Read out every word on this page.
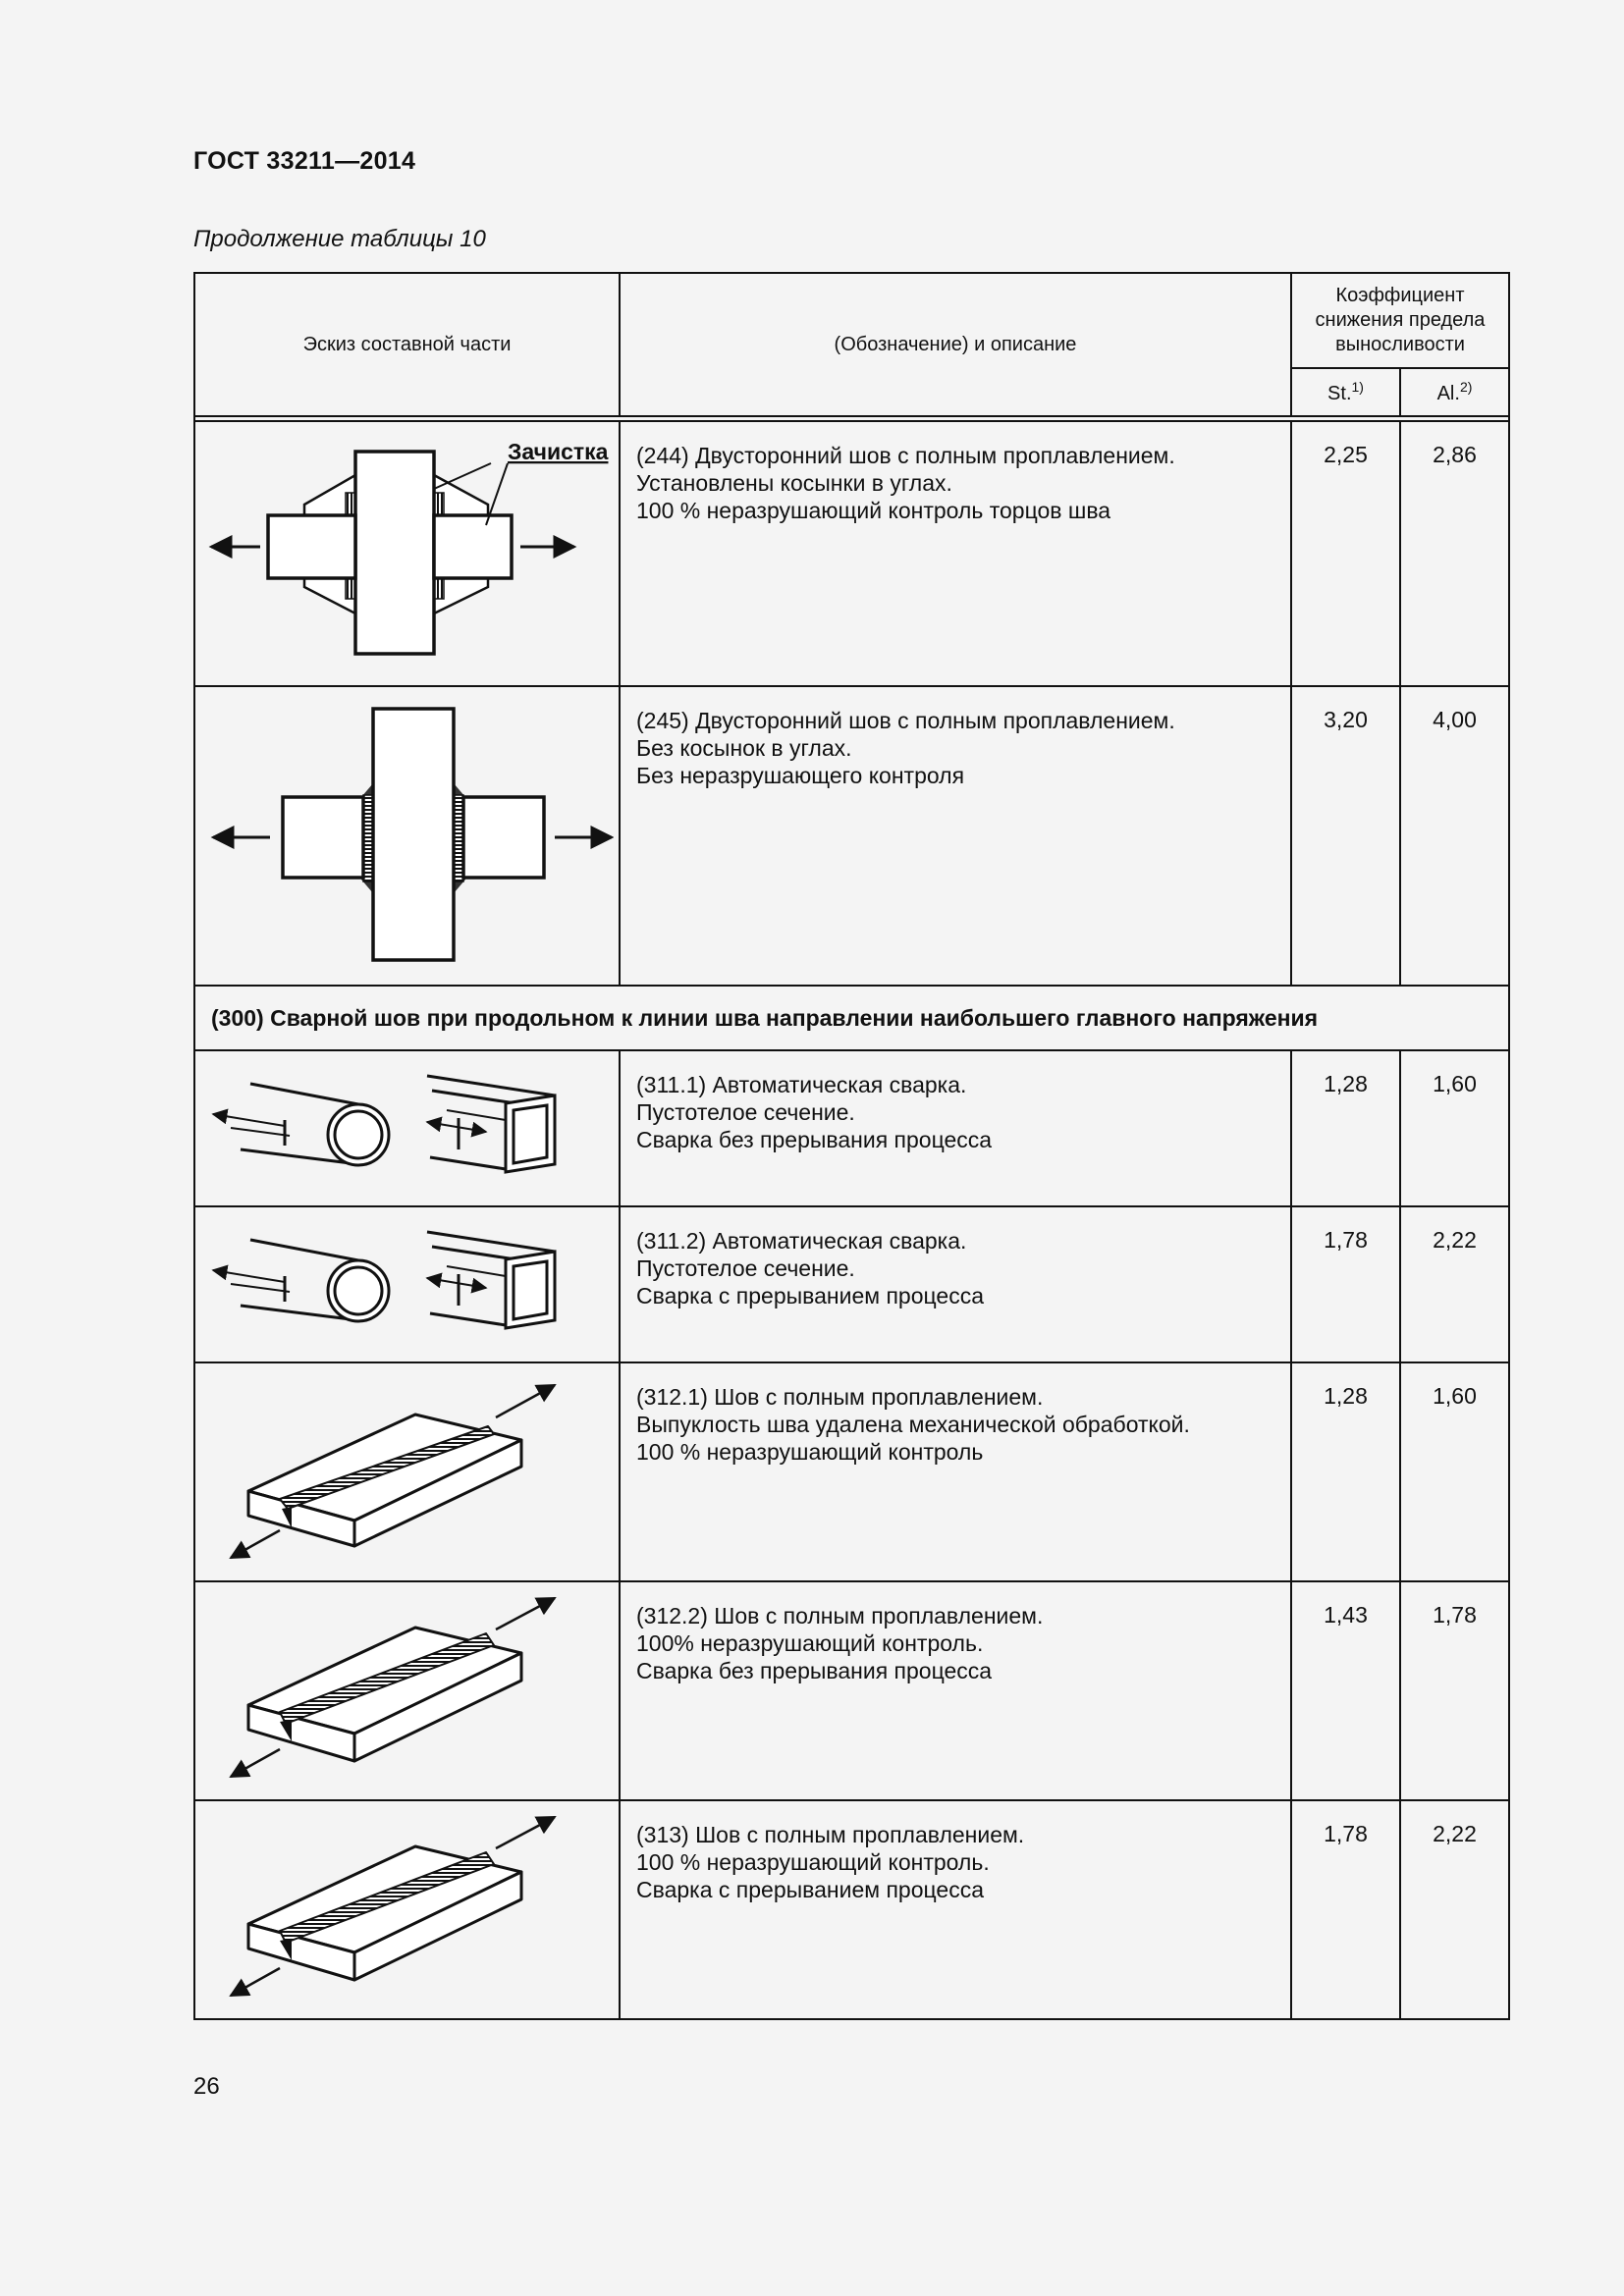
ГОСТ 33211—2014
Продолжение таблицы 10
Эскиз составной части	(Обозначение) и описание	Коэффициент снижения предела выносливости	
		St.$^{1)}$	Al.$^{2)}$

Зачистка	(244) Двусторонний шов с полным проплавлением.
Установлены косынки в углах.
100 % неразрушающий контроль торцов шва	2,25	2,86

(245) Двусторонний шов с полным проплавлением.
Без косынок в углах.
Без неразрушающего контроля	3,20	4,00
(300) Сварной шов при продольном к линии шва направлении наибольшего главного напряжения			

(311.1) Автоматическая сварка.
Пустотелое сечение.
Сварка без прерывания процесса	1,28	1,60

(311.2) Автоматическая сварка.
Пустотелое сечение.
Сварка с прерыванием процесса	1,78	2,22

(312.1) Шов с полным проплавлением.
Выпуклость шва удалена механической обработкой.
100 % неразрушающий контроль	1,28	1,60

(312.2) Шов с полным проплавлением.
100% неразрушающий контроль.
Сварка без прерывания процесса	1,43	1,78

(313) Шов с полным проплавлением.
100 % неразрушающий контроль.
Сварка с прерыванием процесса	1,78	2,22
26
